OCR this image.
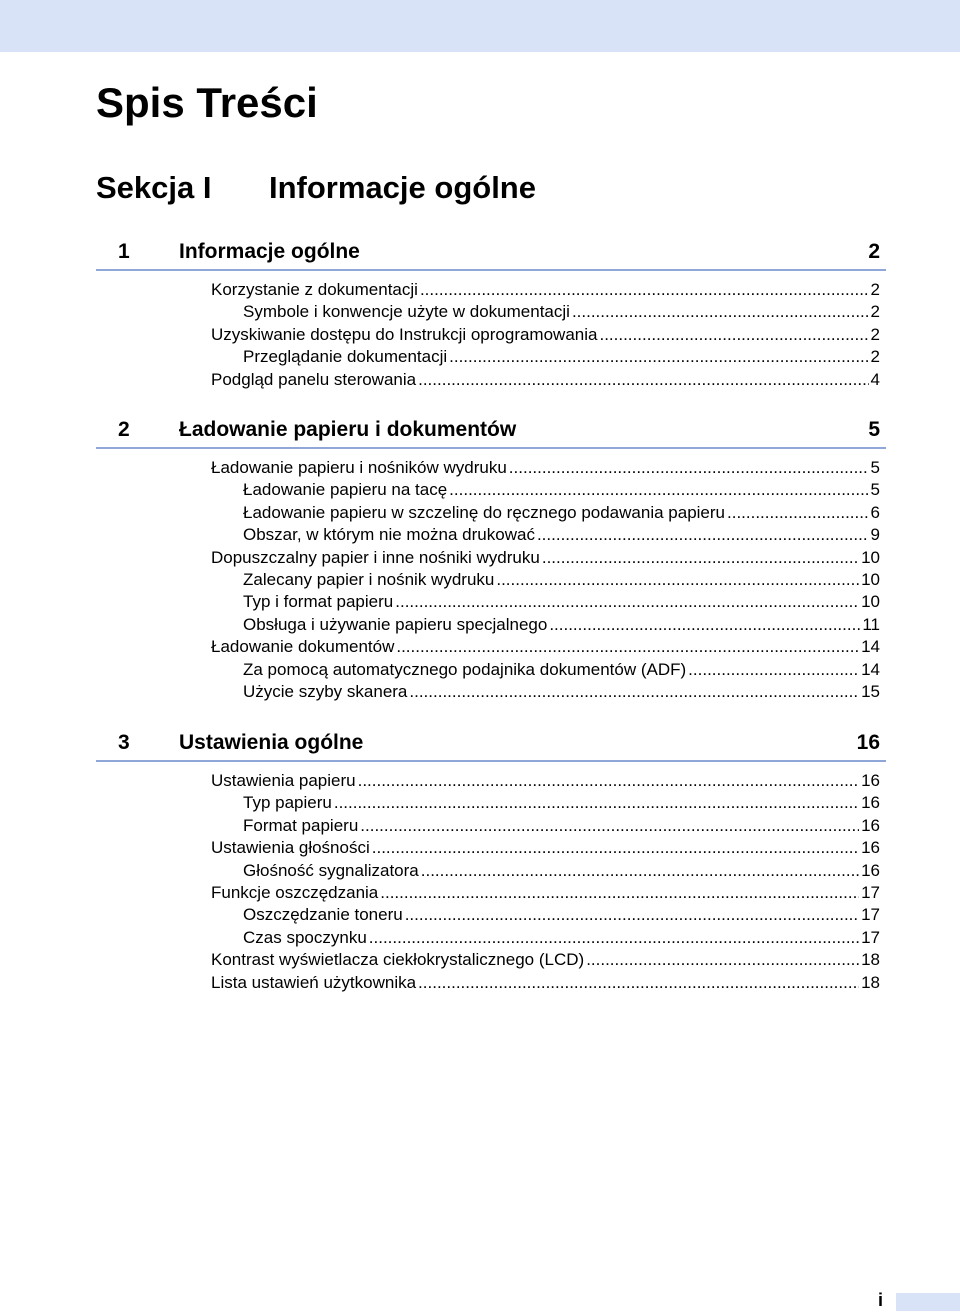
Spis Treści
Sekcja I Informacje ogólne
1 Informacje ogólne	2
Korzystanie z dokumentacji .....	2
Symbole i konwencje użyte w dokumentacji .....	2
Uzyskiwanie dostępu do Instrukcji oprogramowania .....	2
Przeglądanie dokumentacji .....	2
Podgląd panelu sterowania .....	4
2 Ładowanie papieru i dokumentów	5
Ładowanie papieru i nośników wydruku .....	5
Ładowanie papieru na tacę .....	5
Ładowanie papieru w szczelinę do ręcznego podawania papieru .....	6
Obszar, w którym nie można drukować .....	9
Dopuszczalny papier i inne nośniki wydruku .....	10
Zalecany papier i nośnik wydruku .....	10
Typ i format papieru .....	10
Obsługa i używanie papieru specjalnego .....	11
Ładowanie dokumentów .....	14
Za pomocą automatycznego podajnika dokumentów (ADF) .....	14
Użycie szyby skanera .....	15
3 Ustawienia ogólne	16
Ustawienia papieru .....	16
Typ papieru .....	16
Format papieru .....	16
Ustawienia głośności .....	16
Głośność sygnalizatora .....	16
Funkcje oszczędzania .....	17
Oszczędzanie toneru .....	17
Czas spoczynku .....	17
Kontrast wyświetlacza ciekłokrystalicznego (LCD) .....	18
Lista ustawień użytkownika .....	18
i
